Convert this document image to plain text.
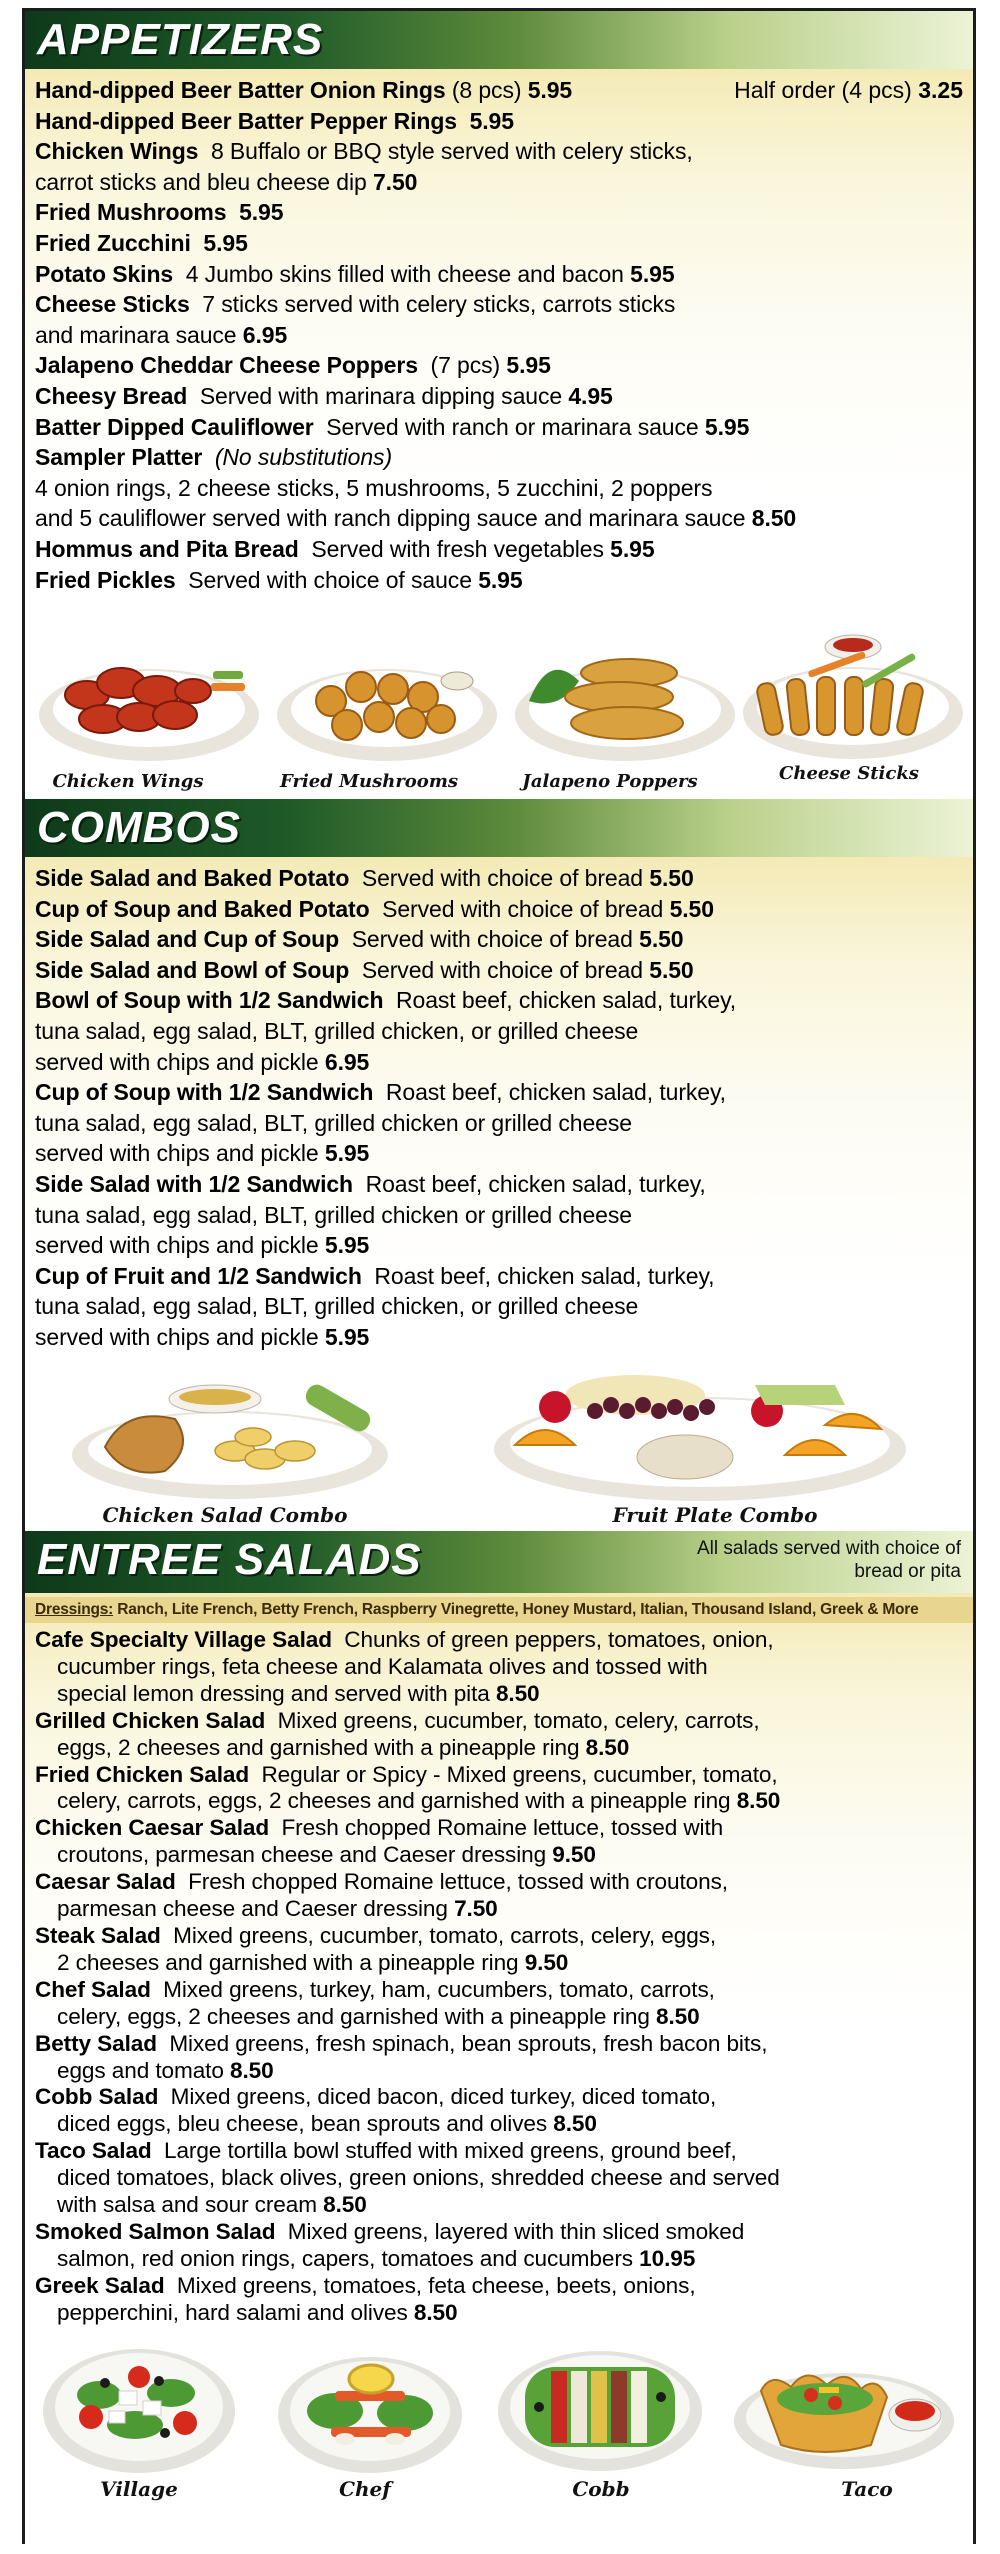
APPETIZERS
Hand-dipped Beer Batter Onion Rings (8 pcs) 5.95	Half order (4 pcs) 3.25
Hand-dipped Beer Batter Pepper Rings 5.95
Chicken Wings 8 Buffalo or BBQ style served with celery sticks,
carrot sticks and bleu cheese dip 7.50
Fried Mushrooms 5.95
Fried Zucchini 5.95
Potato Skins 4 Jumbo skins filled with cheese and bacon 5.95
Cheese Sticks 7 sticks served with celery sticks, carrots sticks
and marinara sauce 6.95
Jalapeno Cheddar Cheese Poppers (7 pcs) 5.95
Cheesy Bread Served with marinara dipping sauce 4.95
Batter Dipped Cauliflower Served with ranch or marinara sauce 5.95
Sampler Platter (No substitutions)
4 onion rings, 2 cheese sticks, 5 mushrooms, 5 zucchini, 2 poppers
and 5 cauliflower served with ranch dipping sauce and marinara sauce 8.50
Hommus and Pita Bread Served with fresh vegetables 5.95
Fried Pickles Served with choice of sauce 5.95
Chicken Wings	Fried Mushrooms	Jalapeno Poppers	Cheese Sticks
COMBOS
Side Salad and Baked Potato Served with choice of bread 5.50
Cup of Soup and Baked Potato Served with choice of bread 5.50
Side Salad and Cup of Soup Served with choice of bread 5.50
Side Salad and Bowl of Soup Served with choice of bread 5.50
Bowl of Soup with 1/2 Sandwich Roast beef, chicken salad, turkey,
tuna salad, egg salad, BLT, grilled chicken, or grilled cheese
served with chips and pickle 6.95
Cup of Soup with 1/2 Sandwich Roast beef, chicken salad, turkey,
tuna salad, egg salad, BLT, grilled chicken or grilled cheese
served with chips and pickle 5.95
Side Salad with 1/2 Sandwich Roast beef, chicken salad, turkey,
tuna salad, egg salad, BLT, grilled chicken or grilled cheese
served with chips and pickle 5.95
Cup of Fruit and 1/2 Sandwich Roast beef, chicken salad, turkey,
tuna salad, egg salad, BLT, grilled chicken, or grilled cheese
served with chips and pickle 5.95
Chicken Salad Combo	Fruit Plate Combo
ENTREE SALADS	All salads served with choice of bread or pita
Dressings: Ranch, Lite French, Betty French, Raspberry Vinegrette, Honey Mustard, Italian, Thousand Island, Greek & More
Cafe Specialty Village Salad Chunks of green peppers, tomatoes, onion,
cucumber rings, feta cheese and Kalamata olives and tossed with
special lemon dressing and served with pita 8.50
Grilled Chicken Salad Mixed greens, cucumber, tomato, celery, carrots,
eggs, 2 cheeses and garnished with a pineapple ring 8.50
Fried Chicken Salad Regular or Spicy - Mixed greens, cucumber, tomato,
celery, carrots, eggs, 2 cheeses and garnished with a pineapple ring 8.50
Chicken Caesar Salad Fresh chopped Romaine lettuce, tossed with
croutons, parmesan cheese and Caeser dressing 9.50
Caesar Salad Fresh chopped Romaine lettuce, tossed with croutons,
parmesan cheese and Caeser dressing 7.50
Steak Salad Mixed greens, cucumber, tomato, carrots, celery, eggs,
2 cheeses and garnished with a pineapple ring 9.50
Chef Salad Mixed greens, turkey, ham, cucumbers, tomato, carrots,
celery, eggs, 2 cheeses and garnished with a pineapple ring 8.50
Betty Salad Mixed greens, fresh spinach, bean sprouts, fresh bacon bits,
eggs and tomato 8.50
Cobb Salad Mixed greens, diced bacon, diced turkey, diced tomato,
diced eggs, bleu cheese, bean sprouts and olives 8.50
Taco Salad Large tortilla bowl stuffed with mixed greens, ground beef,
diced tomatoes, black olives, green onions, shredded cheese and served
with salsa and sour cream 8.50
Smoked Salmon Salad Mixed greens, layered with thin sliced smoked
salmon, red onion rings, capers, tomatoes and cucumbers 10.95
Greek Salad Mixed greens, tomatoes, feta cheese, beets, onions,
pepperchini, hard salami and olives 8.50
Village	Chef	Cobb	Taco
